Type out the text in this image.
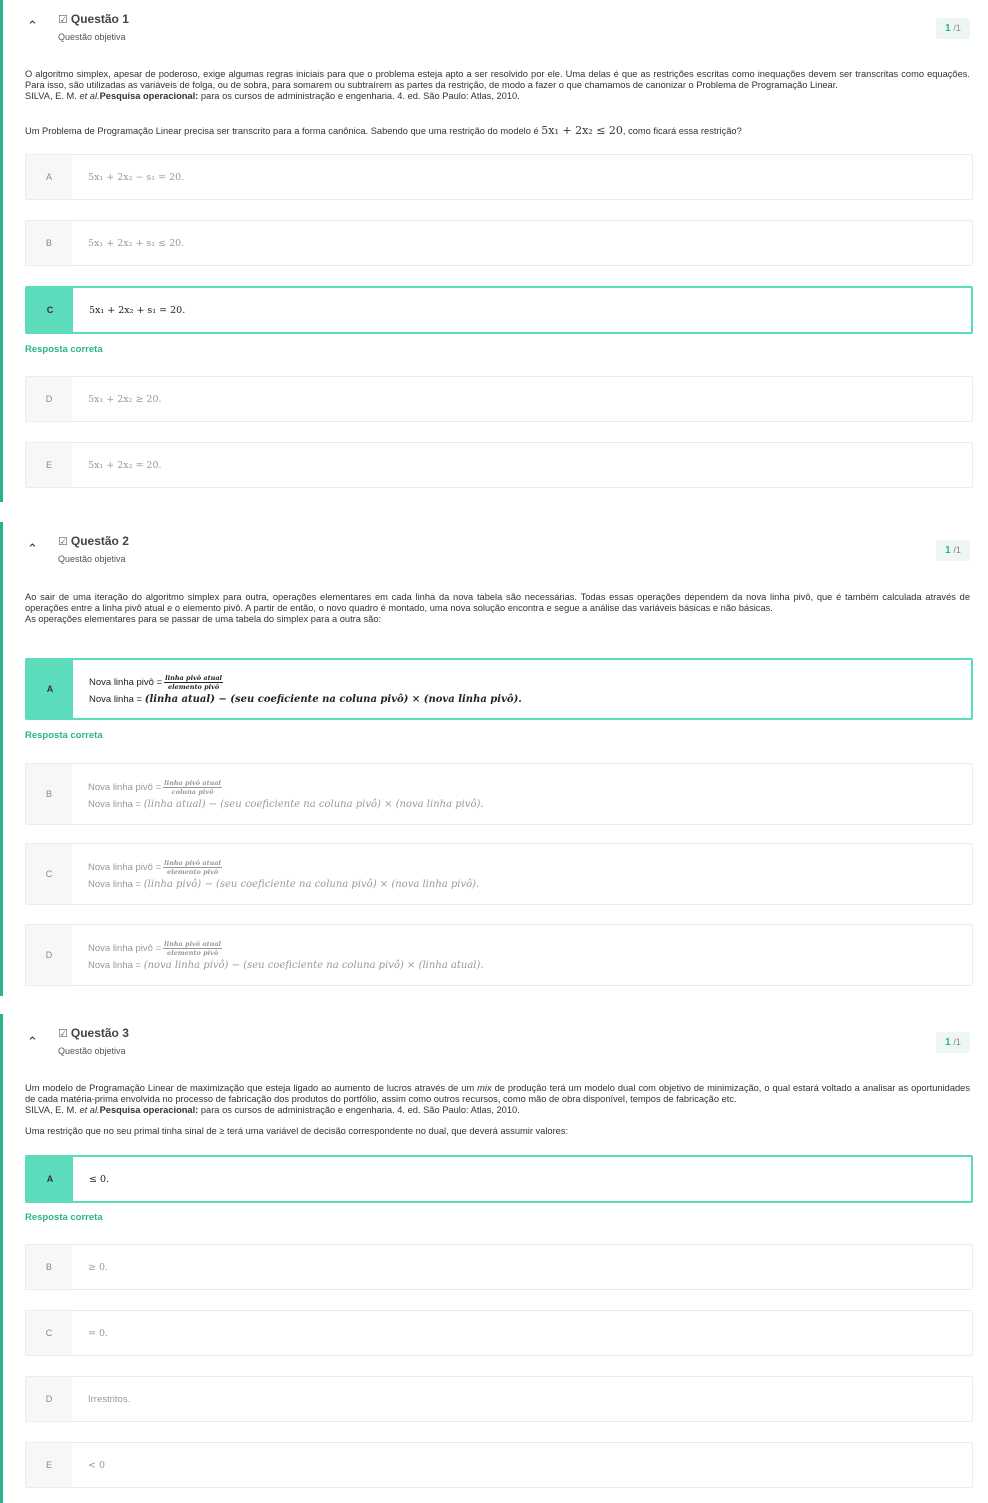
⌃ ☑ Questão 1
Questão objetiva
1 /1

O algoritmo simplex, apesar de poderoso, exige algumas regras iniciais para que o problema esteja apto a ser resolvido por ele. Uma delas é que as restrições escritas como inequações devem ser transcritas como equações. Para isso, são utilizadas as variáveis de folga, ou de sobra, para somarem ou subtraírem as partes da restrição, de modo a fazer o que chamamos de canonizar o Problema de Programação Linear.

SILVA, E. M. et al.Pesquisa operacional: para os cursos de administração e engenharia. 4. ed. São Paulo: Atlas, 2010.

Um Problema de Programação Linear precisa ser transcrito para a forma canônica. Sabendo que uma restrição do modelo é 5x₁ + 2x₂ ≤ 20, como ficará essa restrição?
A	5x₁ + 2x₂ − s₁ = 20.
B	5x₁ + 2x₂ + s₁ ≤ 20.
C	5x₁ + 2x₂ + s₁ = 20.
Resposta correta
D	5x₁ + 2x₂ ≥ 20.
E	5x₁ + 2x₂ = 20.
⌃ ☑ Questão 2
Questão objetiva
1 /1

Ao sair de uma iteração do algoritmo simplex para outra, operações elementares em cada linha da nova tabela são necessárias. Todas essas operações dependem da nova linha pivô, que é também calculada através de operações entre a linha pivô atual e o elemento pivô. A partir de então, o novo quadro é montado, uma nova solução encontra e segue a análise das variáveis básicas e não básicas.

As operações elementares para se passar de uma tabela do simplex para a outra são:

A
Nova linha pivô = $\frac{\text{linha pivô atual}}{\text{elemento pivô}}$
Nova linha = (linha atual) − (seu coeficiente na coluna pivô) × (nova linha pivô).
Resposta correta
B
Nova linha pivô = $\frac{\text{linha pivô atual}}{\text{coluna pivô}}$
Nova linha = (linha atual) − (seu coeficiente na coluna pivô) × (nova linha pivô).
C
Nova linha pivô = $\frac{\text{linha pivô atual}}{\text{elemento pivô}}$
Nova linha = (linha pivô) − (seu coeficiente na coluna pivô) × (nova linha pivô).
D
Nova linha pivô = $\frac{\text{linha pivô atual}}{\text{elemento pivô}}$
Nova linha = (nova linha pivô) − (seu coeficiente na coluna pivô) × (linha atual).
⌃ ☑ Questão 3
Questão objetiva
1 /1

Um modelo de Programação Linear de maximização que esteja ligado ao aumento de lucros através de um mix de produção terá um modelo dual com objetivo de minimização, o qual estará voltado a analisar as oportunidades de cada matéria-prima envolvida no processo de fabricação dos produtos do portfólio, assim como outros recursos, como mão de obra disponível, tempos de fabricação etc.

SILVA, E. M. et al.Pesquisa operacional: para os cursos de administração e engenharia. 4. ed. São Paulo: Atlas, 2010.

Uma restrição que no seu primal tinha sinal de ≥ terá uma variável de decisão correspondente no dual, que deverá assumir valores:
A	≤ 0.
Resposta correta
B	≥ 0.
C	= 0.
D	Irrestritos.
E	< 0
